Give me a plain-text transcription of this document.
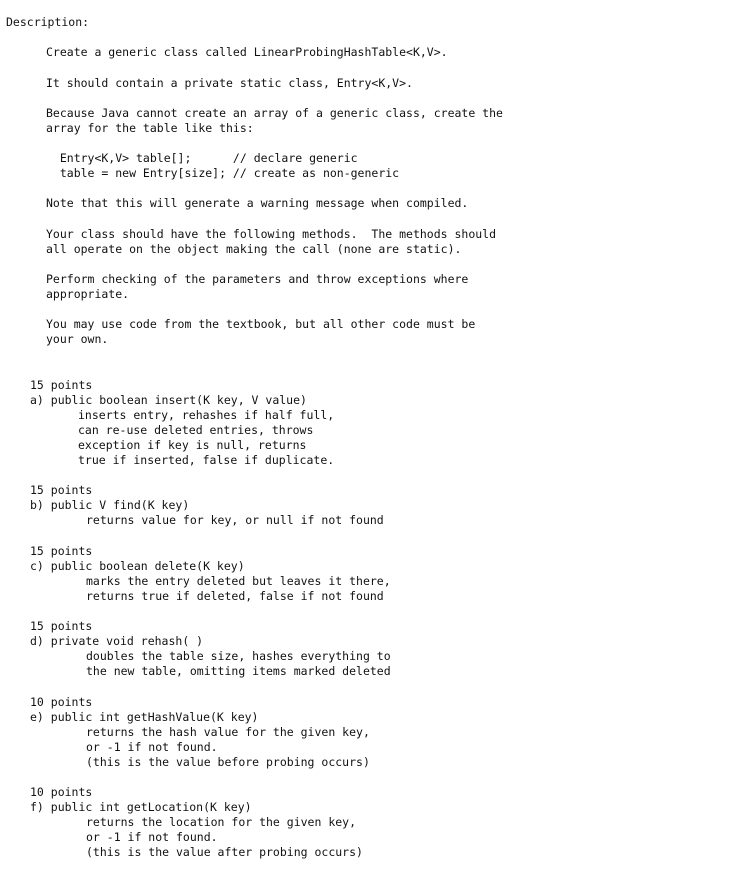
Description:
Create a generic class called LinearProbingHashTable<K,V>.
It should contain a private static class, Entry<K,V>.
Because Java cannot create an array of a generic class, create the
array for the table like this:
Entry<K,V> table[];      // declare generic
table = new Entry[size]; // create as non-generic
Note that this will generate a warning message when compiled.
Your class should have the following methods.  The methods should
all operate on the object making the call (none are static).
Perform checking of the parameters and throw exceptions where
appropriate.
You may use code from the textbook, but all other code must be
your own.
15 points
a) public boolean insert(K key, V value)
inserts entry, rehashes if half full,
can re-use deleted entries, throws
exception if key is null, returns
true if inserted, false if duplicate.
15 points
b) public V find(K key)
returns value for key, or null if not found
15 points
c) public boolean delete(K key)
marks the entry deleted but leaves it there,
returns true if deleted, false if not found
15 points
d) private void rehash( )
doubles the table size, hashes everything to
the new table, omitting items marked deleted
10 points
e) public int getHashValue(K key)
returns the hash value for the given key,
or -1 if not found.
(this is the value before probing occurs)
10 points
f) public int getLocation(K key)
returns the location for the given key,
or -1 if not found.
(this is the value after probing occurs)
